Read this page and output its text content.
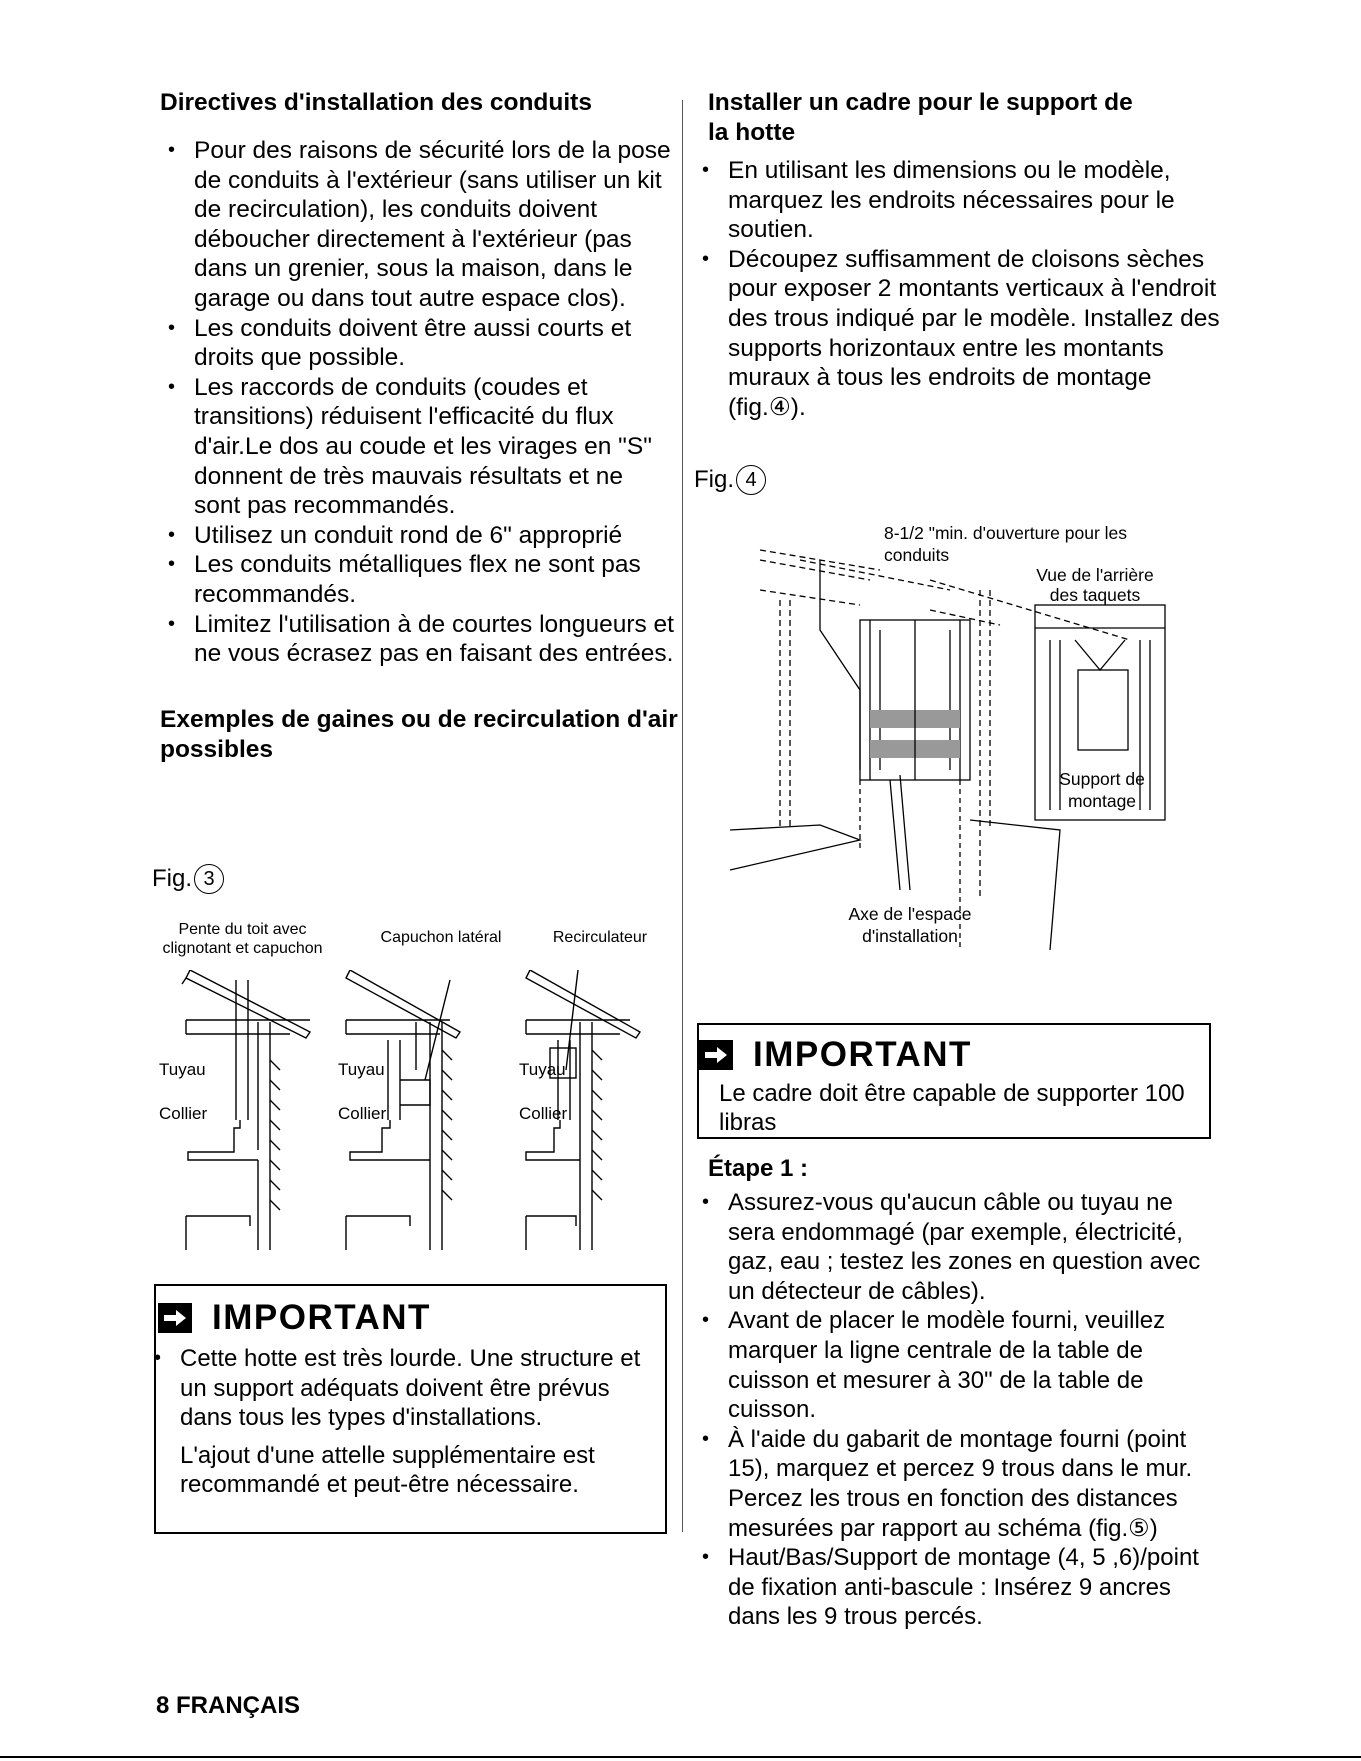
Directives d'installation des conduits
• Pour des raisons de sécurité lors de la pose de conduits à l'extérieur (sans utiliser un kit de recirculation), les conduits doivent déboucher directement à l'extérieur (pas dans un grenier, sous la maison, dans le garage ou dans tout autre espace clos).
• Les conduits doivent être aussi courts et droits que possible.
• Les raccords de conduits (coudes et transitions) réduisent l'efficacité du flux d'air.Le dos au coude et les virages en "S" donnent de très mauvais résultats et ne sont pas recommandés.
• Utilisez un conduit rond de 6" approprié
• Les conduits métalliques flex ne sont pas recommandés.
• Limitez l'utilisation à de courtes longueurs et ne vous écrasez pas en faisant des entrées.
Exemples de gaines ou de recirculation d'air possibles
Fig. 3
Pente du toit avec clignotant et capuchon
Capuchon latéral	Recirculateur
Tuyau
Collier
Tuyau
Collier
Tuyau
Collier
IMPORTANT
• Cette hotte est très lourde. Une structure et un support adéquats doivent être prévus dans tous les types d'installations.
L'ajout d'une attelle supplémentaire est recommandé et peut-être nécessaire.
Installer un cadre pour le support de la hotte
• En utilisant les dimensions ou le modèle, marquez les endroits nécessaires pour le soutien.
• Découpez suffisamment de cloisons sèches pour exposer 2 montants verticaux à l'endroit des trous indiqué par le modèle. Installez des supports horizontaux entre les montants muraux à tous les endroits de montage (fig.④).
Fig. 4
8-1/2 "min. d'ouverture pour les conduits
Vue de l'arrière des taquets
Support de montage
Axe de l'espace d'installation
IMPORTANT
Le cadre doit être capable de supporter 100 libras
Étape 1 :
• Assurez-vous qu'aucun câble ou tuyau ne sera endommagé (par exemple, électricité, gaz, eau ; testez les zones en question avec un détecteur de câbles).
• Avant de placer le modèle fourni, veuillez marquer la ligne centrale de la table de cuisson et mesurer à 30" de la table de cuisson.
• À l'aide du gabarit de montage fourni (point 15), marquez et percez 9 trous dans le mur. Percez les trous en fonction des distances mesurées par rapport au schéma (fig.⑤)
• Haut/Bas/Support de montage (4, 5 ,6)/point de fixation anti-bascule : Insérez 9 ancres dans les 9 trous percés.
8 FRANÇAIS
